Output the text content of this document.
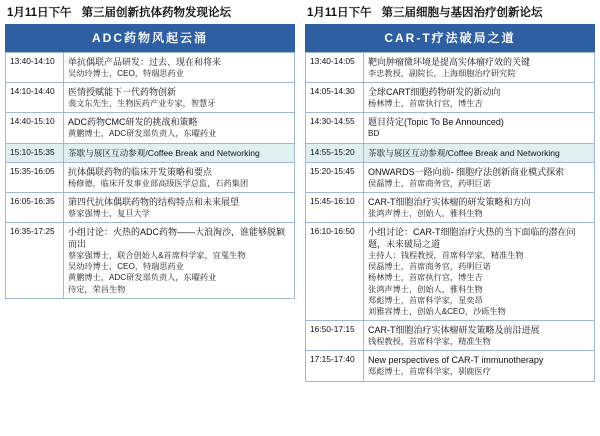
1月11日下午 第三届创新抗体药物发现论坛
ADC药物风起云涌
13:40-14:10	单抗偶联产品研发：过去、现在和将来
吴幼玲博士，CEO，特瑞思药业

14:10-14:40	医情授赋能下一代药物创新
裴文东先生，生物医药产业专家，智慧牙

14:40-15:10	ADC药物CMC研发的挑战和策略
黄鹏博士，ADC研发部负责人，东曜药业

15:10-15:35	茶歇与展区互动参观/Coffee Break and Networking

15:35-16:05	抗体偶联药物的临床开发策略和要点
杨修德，临床开发事业部高级医学总监，石药集团

16:05-16:35	第四代抗体偶联药物的结构特点和未来展望
蔡家强博士，复旦大学

16:35-17:25	小组讨论：火热的ADC药物——大浪淘沙，谁能够脱颖而出
蔡家强博士，联合创始人&首席科学家，宜戛生物
吴幼玲博士，CEO，特瑞思药业
黄鹏博士，ADC研发部负责人，东曜药业
待定，荣昌生物
1月11日下午 第三届细胞与基因治疗创新论坛
CAR-T疗法破局之道
13:40-14:05	靶向肿瘤微环境是提高实体瘤疗效的关键
李忠教授，副院长，上海细胞治疗研究院

14:05-14:30	全球CART细胞药物研发的新动向
杨林博士，首席执行官，博生吉

14:30-14:55	题目待定(Topic To Be Announced)
BD

14:55-15:20	茶歇与展区互动参观/Coffee Break and Networking

15:20-15:45	ONWARDS一路向前- 细胞疗法创新商业模式探索
侯磊博士，首席商务官，药明巨诺

15:45-16:10	CAR-T细胞治疗实体瘤的研发策略和方向
张鸿声博士，创始人，雅科生物

16:10-16:50	小组讨论：CAR-T细胞治疗火热的当下面临的潜在问题，未来破局之道
主持人：钱程教授，首席科学家，精准生物
侯磊博士，首席商务官，药明巨诺
杨林博士，首席执行官，博生吉
张鸿声博士，创始人，雅科生物
郑彪博士，首席科学家，星奕昂
刘雅容博士，创始人&CEO，沙砾生物

16:50-17:15	CAR-T细胞治疗实体瘤研发策略及前沿进展
钱程教授，首席科学家，精准生物

17:15-17:40	New perspectives of CAR-T immunotherapy
郑彪博士，首席科学家，驯鹿医疗
